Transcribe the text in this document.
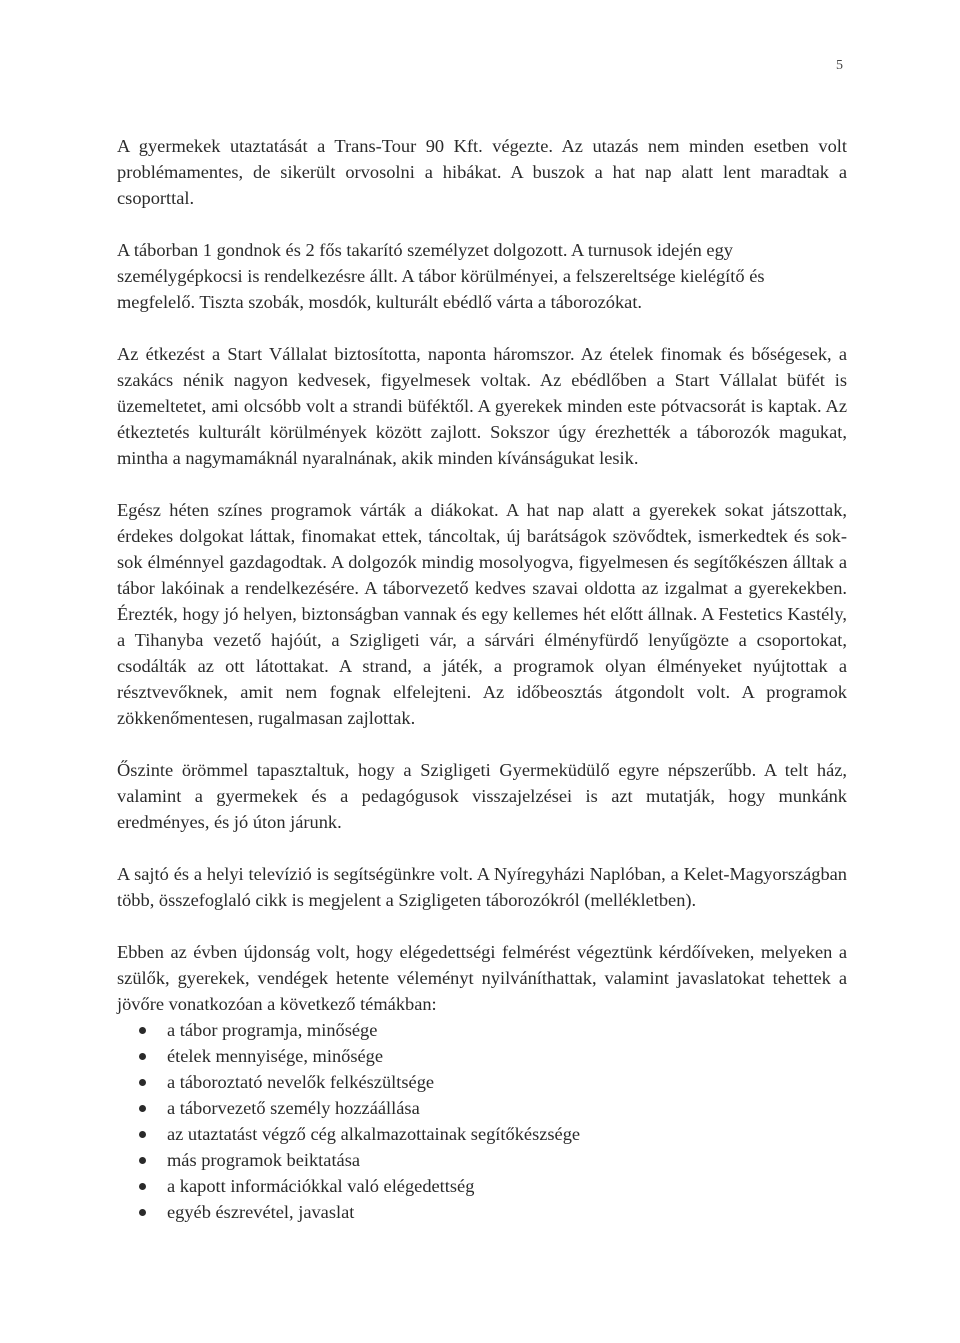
5

A gyermekek utaztatását a Trans-Tour 90 Kft. végezte. Az utazás nem minden esetben volt problémamentes, de sikerült orvosolni a hibákat. A buszok a hat nap alatt lent maradtak a csoporttal.

A táborban 1 gondnok és 2 fős takarító személyzet dolgozott. A turnusok idején egy személygépkocsi is rendelkezésre állt. A tábor körülményei, a felszereltsége kielégítő és megfelelő. Tiszta szobák, mosdók, kulturált ebédlő várta a táborozókat.

Az étkezést a Start Vállalat biztosította, naponta háromszor. Az ételek finomak és bőségesek, a szakács nénik nagyon kedvesek, figyelmesek voltak. Az ebédlőben a Start Vállalat büfét is üzemeltetet, ami olcsóbb volt a strandi büféktől. A gyerekek minden este pótvacsorát is kaptak. Az étkeztetés kulturált körülmények között zajlott. Sokszor úgy érezhették a táborozók magukat, mintha a nagymamáknál nyaralnának, akik minden kívánságukat lesik.

Egész héten színes programok várták a diákokat. A hat nap alatt a gyerekek sokat játszottak, érdekes dolgokat láttak, finomakat ettek, táncoltak, új barátságok szövődtek, ismerkedtek és sok-sok élménnyel gazdagodtak. A dolgozók mindig mosolyogva, figyelmesen és segítőkészen álltak a tábor lakóinak a rendelkezésére. A táborvezető kedves szavai oldotta az izgalmat a gyerekekben. Érezték, hogy jó helyen, biztonságban vannak és egy kellemes hét előtt állnak. A Festetics Kastély, a Tihanyba vezető hajóút, a Szigligeti vár, a sárvári élményfürdő lenyűgözte a csoportokat, csodálták az ott látottakat. A strand, a játék, a programok olyan élményeket nyújtottak a résztvevőknek, amit nem fognak elfelejteni. Az időbeosztás átgondolt volt. A programok zökkenőmentesen, rugalmasan zajlottak.

Őszinte örömmel tapasztaltuk, hogy a Szigligeti Gyermeküdülő egyre népszerűbb. A telt ház, valamint a gyermekek és a pedagógusok visszajelzései is azt mutatják, hogy munkánk eredményes, és jó úton járunk.

A sajtó és a helyi televízió is segítségünkre volt. A Nyíregyházi Naplóban, a Kelet-Magyországban több, összefoglaló cikk is megjelent a Szigligeten táborozókról (mellékletben).

Ebben az évben újdonság volt, hogy elégedettségi felmérést végeztünk kérdőíveken, melyeken a szülők, gyerekek, vendégek hetente véleményt nyilváníthattak, valamint javaslatokat tehettek a jövőre vonatkozóan a következő témákban:

a tábor programja, minősége
ételek mennyisége, minősége
a táboroztató nevelők felkészültsége
a táborvezető személy hozzáállása
az utaztatást végző cég alkalmazottainak segítőkészsége
más programok beiktatása
a kapott információkkal való elégedettség
egyéb észrevétel, javaslat
